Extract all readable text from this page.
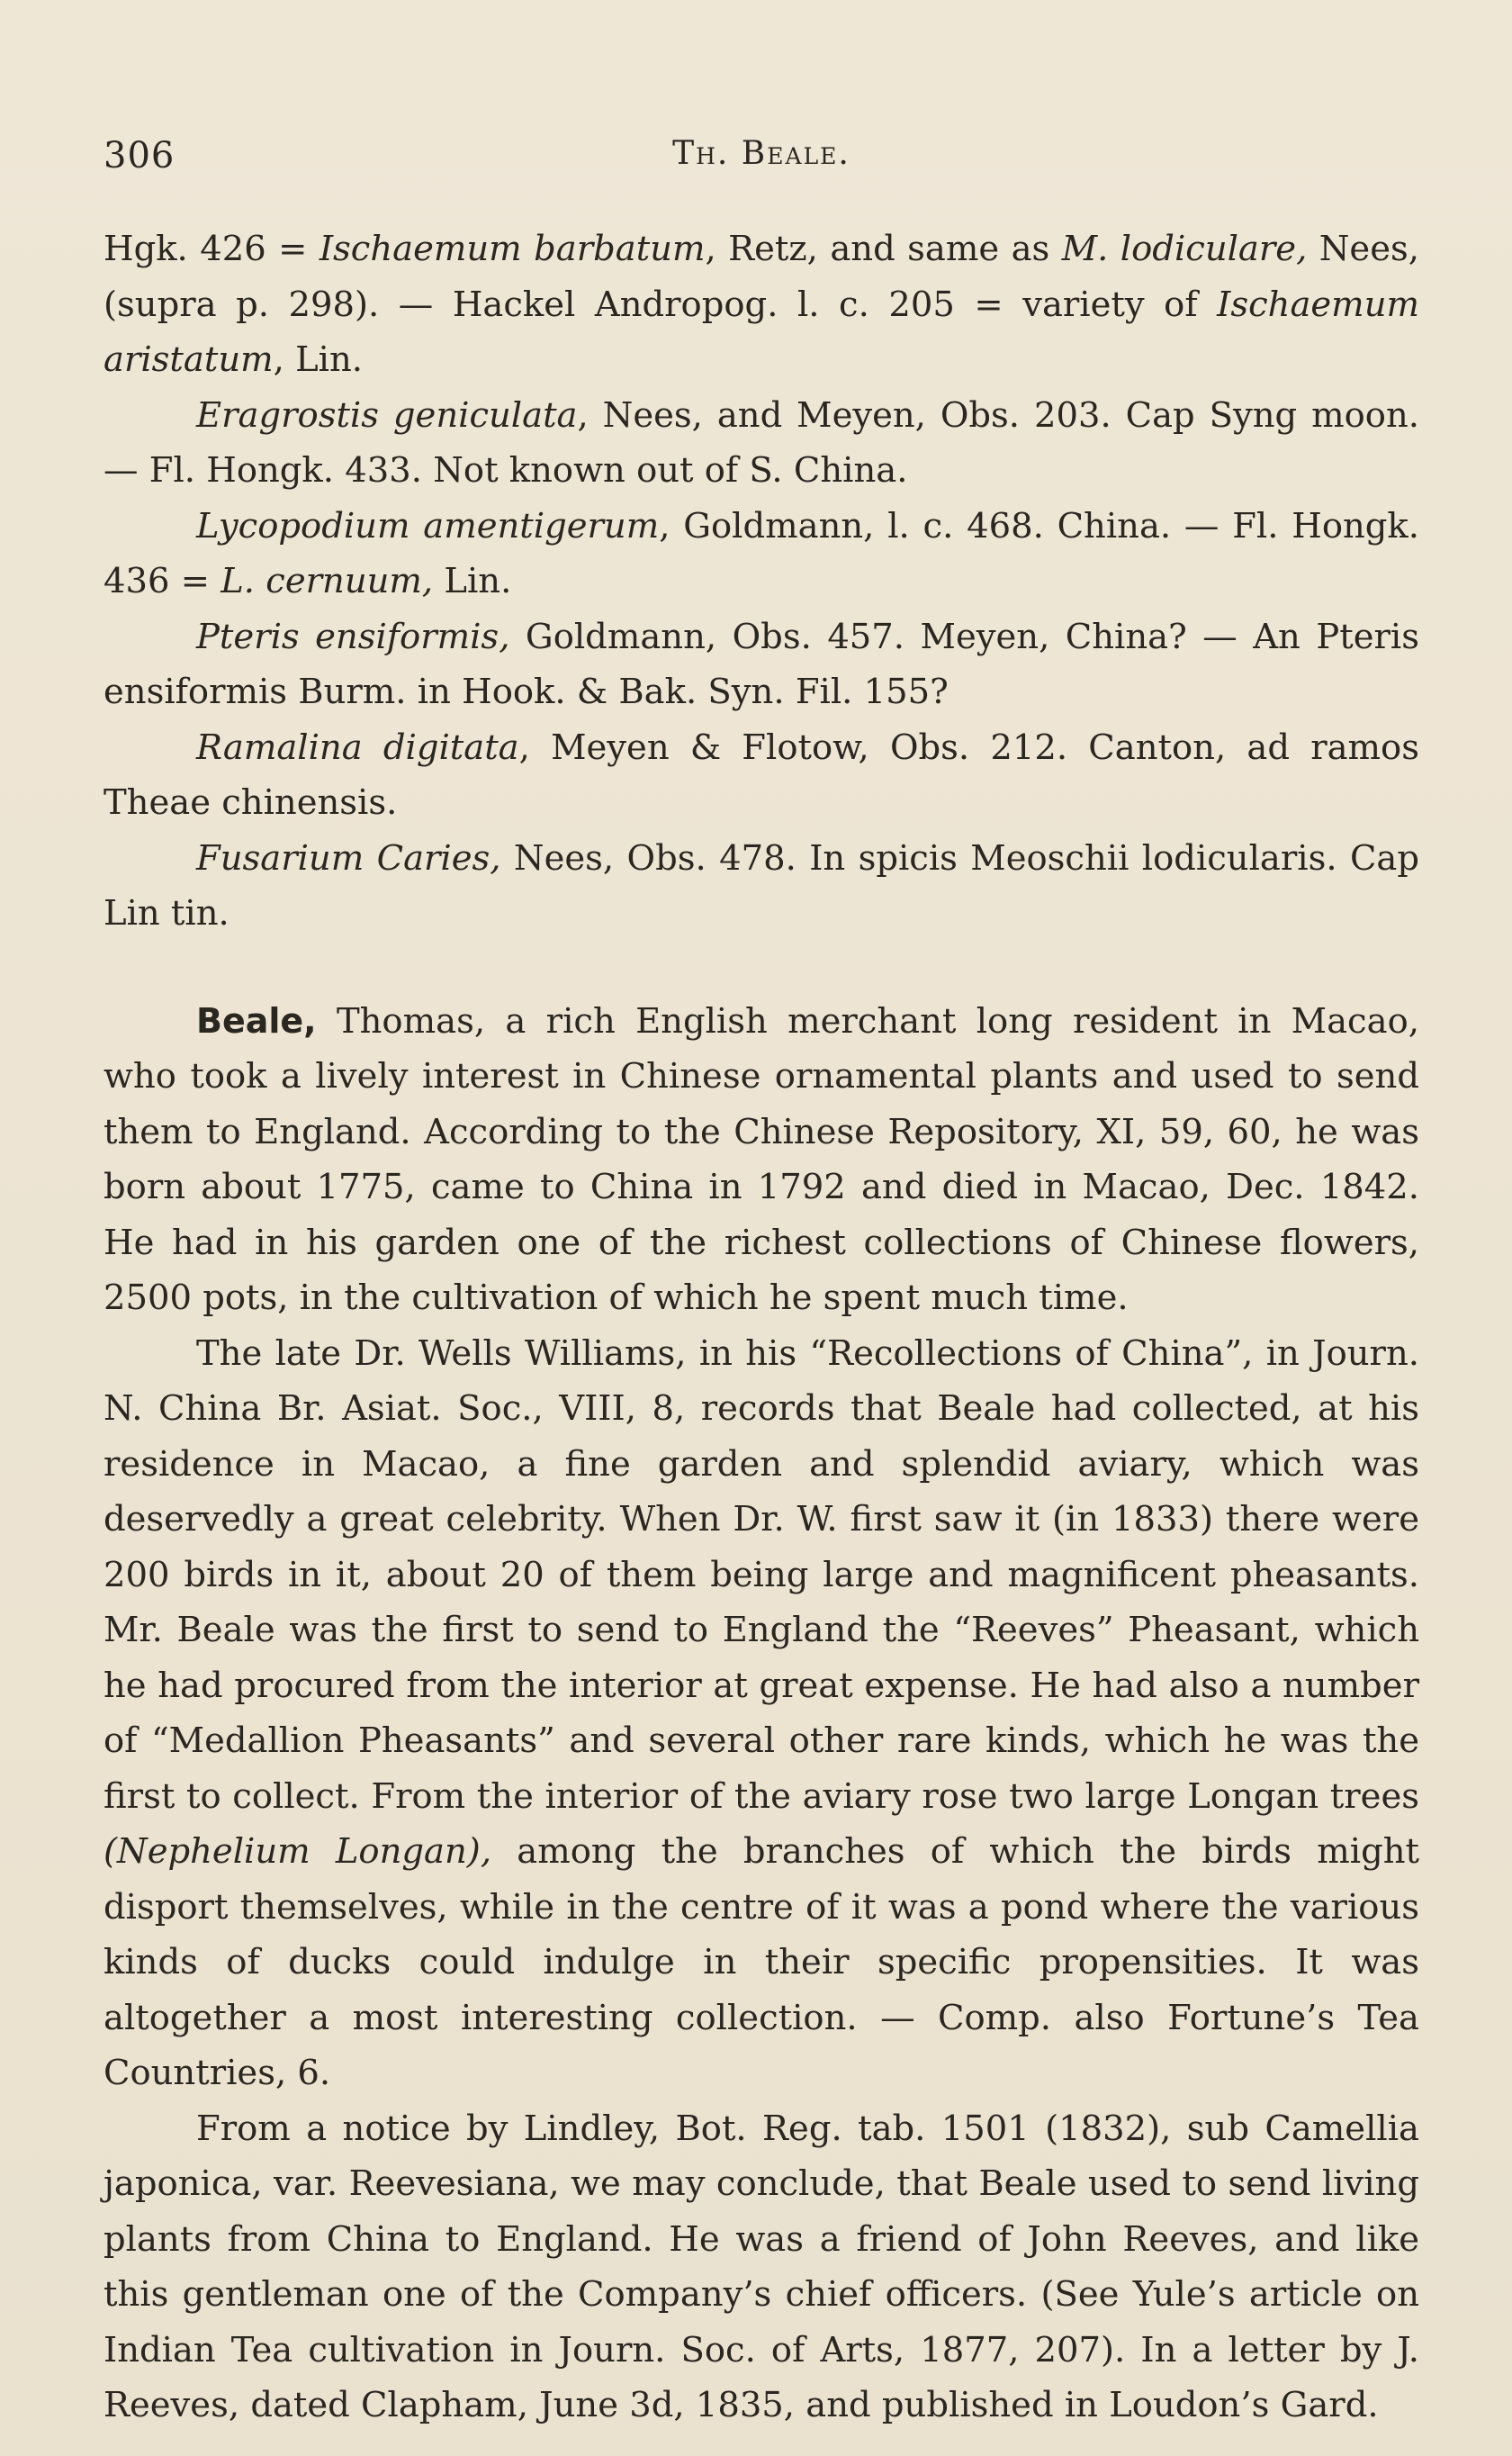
306	Th. Beale.

Hgk. 426 = Ischaemum barbatum, Retz, and same as M. lodiculare, Nees, (supra p. 298). — Hackel Andropog. l. c. 205 = variety of Ischaemum aristatum, Lin.

Eragrostis geniculata, Nees, and Meyen, Obs. 203. Cap Syng moon. — Fl. Hongk. 433. Not known out of S. China.

Lycopodium amentigerum, Goldmann, l. c. 468. China. — Fl. Hongk. 436 = L. cernuum, Lin.

Pteris ensiformis, Goldmann, Obs. 457. Meyen, China? — An Pteris ensiformis Burm. in Hook. & Bak. Syn. Fil. 155?

Ramalina digitata, Meyen & Flotow, Obs. 212. Canton, ad ramos Theae chinensis.

Fusarium Caries, Nees, Obs. 478. In spicis Meoschii lodicularis. Cap Lin tin.

Beale, Thomas, a rich English merchant long resident in Macao, who took a lively interest in Chinese ornamental plants and used to send them to England. According to the Chinese Repository, XI, 59, 60, he was born about 1775, came to China in 1792 and died in Macao, Dec. 1842. He had in his garden one of the richest collections of Chinese flowers, 2500 pots, in the cultivation of which he spent much time.

The late Dr. Wells Williams, in his “Recollections of China”, in Journ. N. China Br. Asiat. Soc., VIII, 8, records that Beale had collected, at his residence in Macao, a fine garden and splendid aviary, which was deservedly a great celebrity. When Dr. W. first saw it (in 1833) there were 200 birds in it, about 20 of them being large and magnificent pheasants. Mr. Beale was the first to send to England the “Reeves” Pheasant, which he had procured from the interior at great expense. He had also a number of “Medallion Pheasants” and several other rare kinds, which he was the first to collect. From the interior of the aviary rose two large Longan trees (Nephelium Longan), among the branches of which the birds might disport themselves, while in the centre of it was a pond where the various kinds of ducks could indulge in their specific propensities. It was altogether a most interesting collection. — Comp. also Fortune’s Tea Countries, 6.

From a notice by Lindley, Bot. Reg. tab. 1501 (1832), sub Camellia japonica, var. Reevesiana, we may conclude, that Beale used to send living plants from China to England. He was a friend of John Reeves, and like this gentleman one of the Company’s chief officers. (See Yule’s article on Indian Tea cultivation in Journ. Soc. of Arts, 1877, 207). In a letter by J. Reeves, dated Clapham, June 3d, 1835, and published in Loudon’s Gard.
